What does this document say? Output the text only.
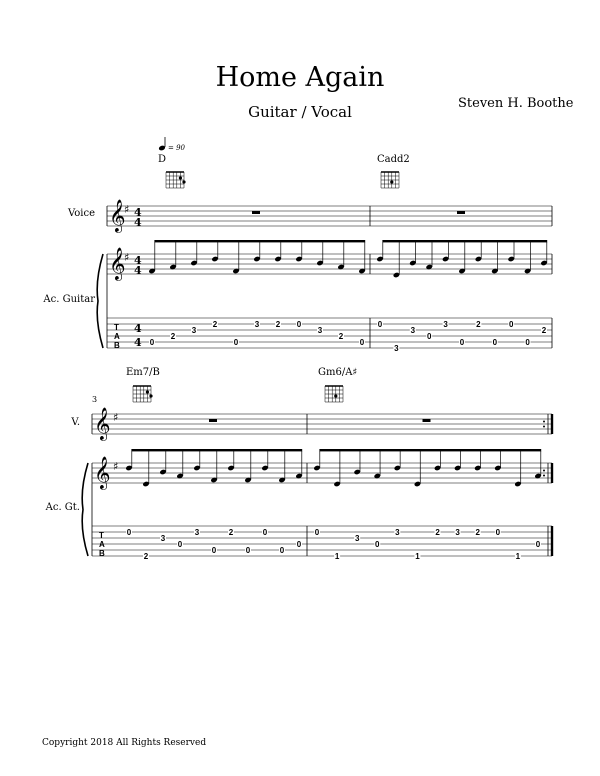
Home Again
Guitar / Vocal	Steven H. Boothe
= 90
Voice
Ac. Guitar
D	Cadd2
𝄞
♯ 4
4
𝄞
♯ 4
4
T
A
B
4
4 0
2
3
2
0
3 2 0
3
2
0
0
3
3
0
3
0
2
0
0
0
2
V.
Ac. Gt.
3
Em7/B	Gm6/A♯
𝄞 ♯
𝄞 ♯
T
A
B
0
2
3
0
3
0
2
0
0
0
0
0
1
3
0
3
1
2 3 2 0
1
0
Copyright 2018 All Rights Reserved
